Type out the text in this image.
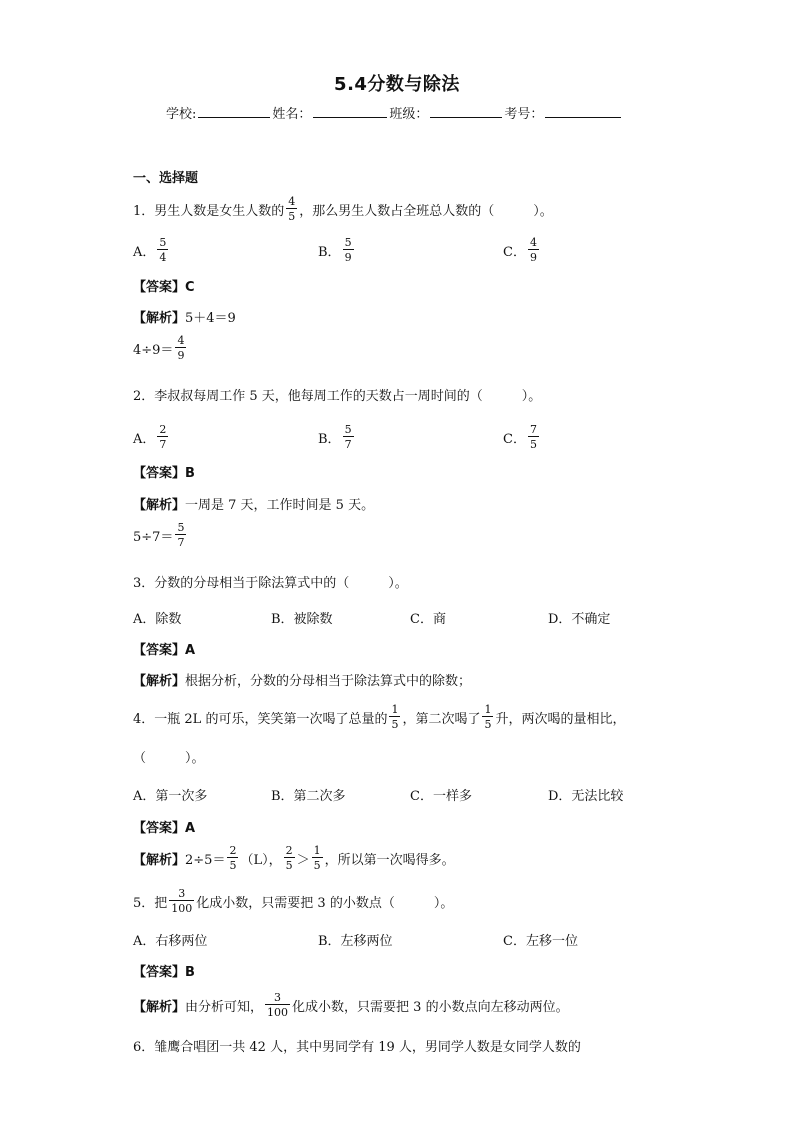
5.4分数与除法
学校:	姓名：	班级：	考号：
一、选择题
1．男生人数是女生人数的 $\frac{4}{5}$ ，那么男生人数占全班总人数的（　　　）。
A． $\frac{5}{4}$	B． $\frac{5}{9}$	C． $\frac{4}{9}$
【答案】C
【解析】 5＋4＝9
$4\div 9= \frac{4}{9}$
2．李叔叔每周工作 5 天，他每周工作的天数占一周时间的（　　　）。
A． $\frac{2}{7}$	B． $\frac{5}{7}$	C． $\frac{7}{5}$
【答案】B
【解析】 一周是 7 天，工作时间是 5 天。
$5\div 7= \frac{5}{7}$
3．分数的分母相当于除法算式中的（　　　）。
A．除数	B．被除数	C．商	D．不确定
【答案】A
【解析】 根据分析，分数的分母相当于除法算式中的除数；
4．一瓶 2L 的可乐，笑笑第一次喝了总量的 $\frac{1}{5}$ ，第二次喝了 $\frac{1}{5}$ 升，两次喝的量相比，
（　　　）。
A．第一次多	B．第二次多	C．一样多	D．无法比较
【答案】A
【解析】 $2\div 5= \frac{2}{5} (L)$， $\frac{2}{5} > \frac{1}{5}$ ，所以第一次喝得多。
5．把 $\frac{3}{100}$ 化成小数，只需要把 3 的小数点（　　　）。
A．右移两位	B．左移两位	C．左移一位
【答案】B
【解析】 由分析可知， $\frac{3}{100}$ 化成小数，只需要把 3 的小数点向左移动两位。
6．雏鹰合唱团一共 42 人，其中男同学有 19 人，男同学人数是女同学人数的
